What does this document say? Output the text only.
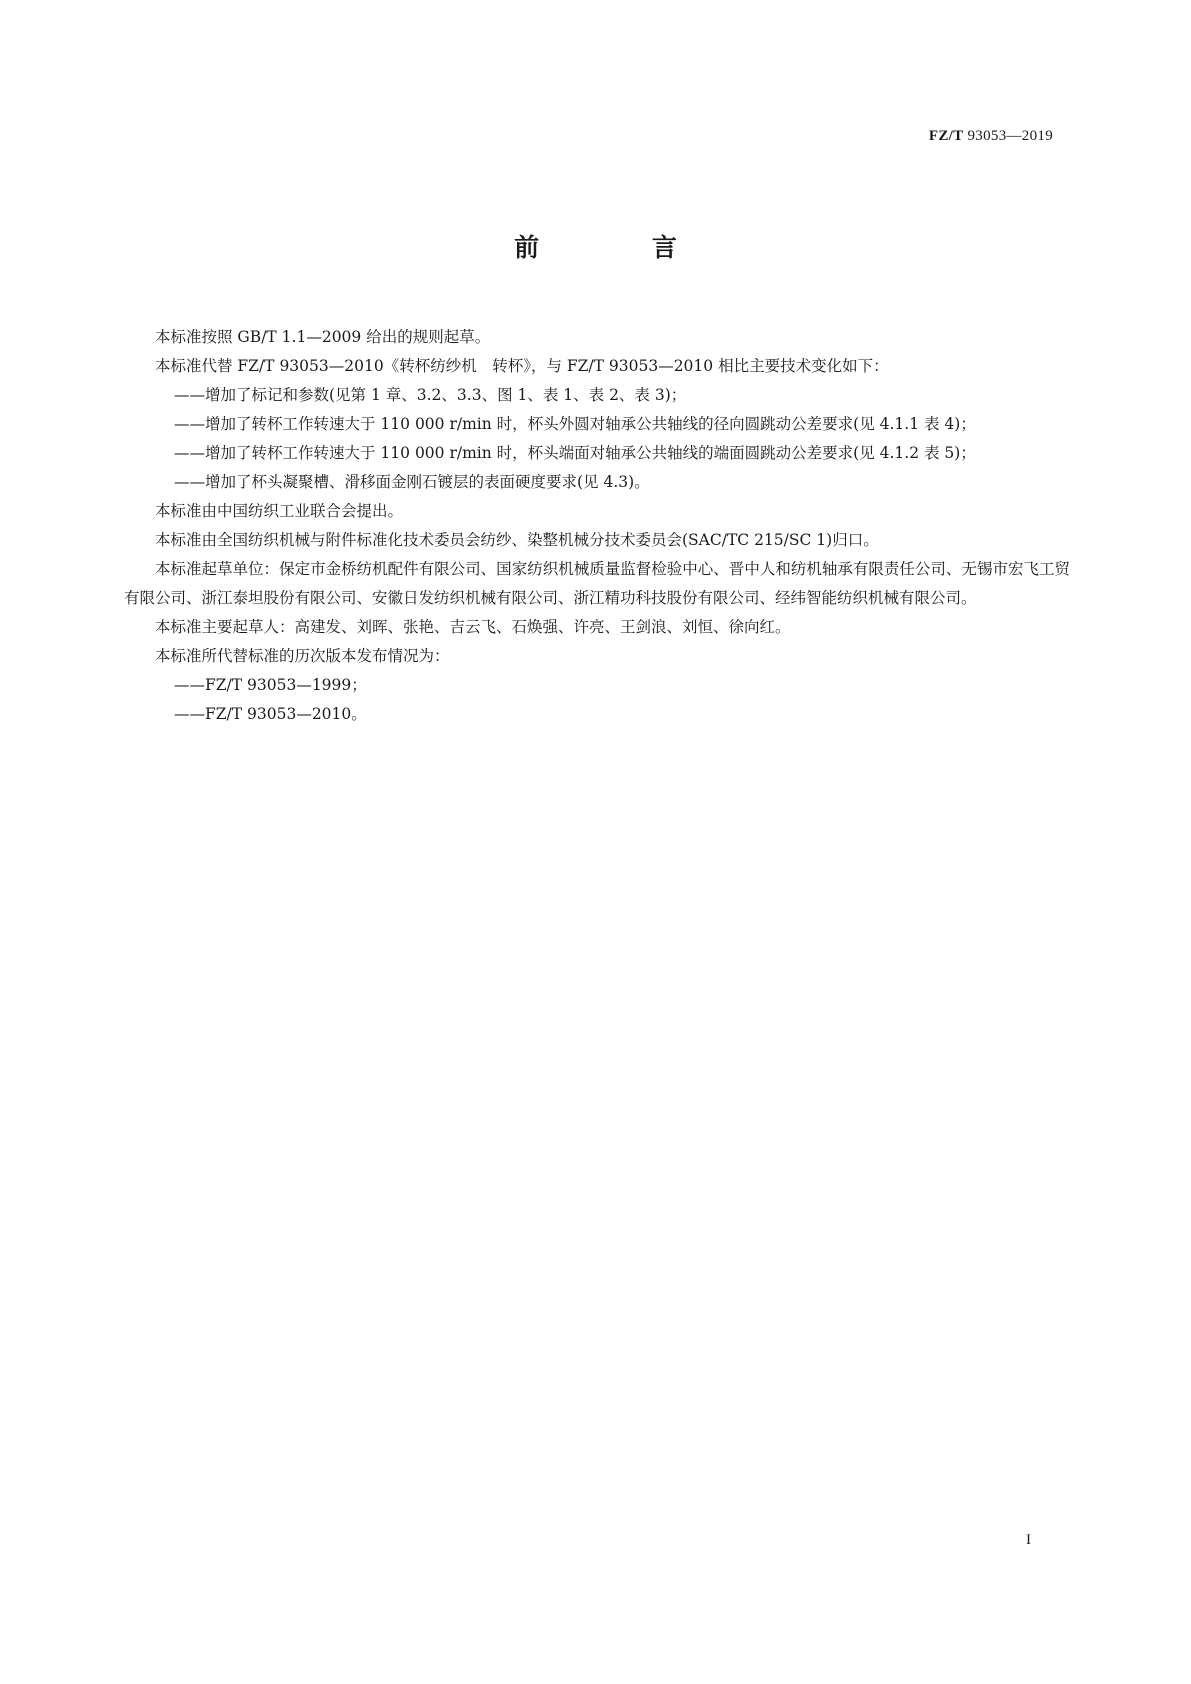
FZ/T 93053—2019
前 言

本标准按照 GB/T 1.1—2009 给出的规则起草。

本标准代替 FZ/T 93053—2010《转杯纺纱机　转杯》，与 FZ/T 93053—2010 相比主要技术变化如下：

——增加了标记和参数(见第 1 章、3.2、3.3、图 1、表 1、表 2、表 3)；

——增加了转杯工作转速大于 110 000 r/min 时，杯头外圆对轴承公共轴线的径向圆跳动公差要求(见 4.1.1 表 4)；

——增加了转杯工作转速大于 110 000 r/min 时，杯头端面对轴承公共轴线的端面圆跳动公差要求(见 4.1.2 表 5)；

——增加了杯头凝聚槽、滑移面金刚石镀层的表面硬度要求(见 4.3)。

本标准由中国纺织工业联合会提出。

本标准由全国纺织机械与附件标准化技术委员会纺纱、染整机械分技术委员会(SAC/TC 215/SC 1)归口。

本标准起草单位：保定市金桥纺机配件有限公司、国家纺织机械质量监督检验中心、晋中人和纺机轴承有限责任公司、无锡市宏飞工贸有限公司、浙江泰坦股份有限公司、安徽日发纺织机械有限公司、浙江精功科技股份有限公司、经纬智能纺织机械有限公司。

本标准主要起草人：高建发、刘晖、张艳、吉云飞、石焕强、许亮、王剑浪、刘恒、徐向红。

本标准所代替标准的历次版本发布情况为：

——FZ/T 93053—1999；

——FZ/T 93053—2010。

I
